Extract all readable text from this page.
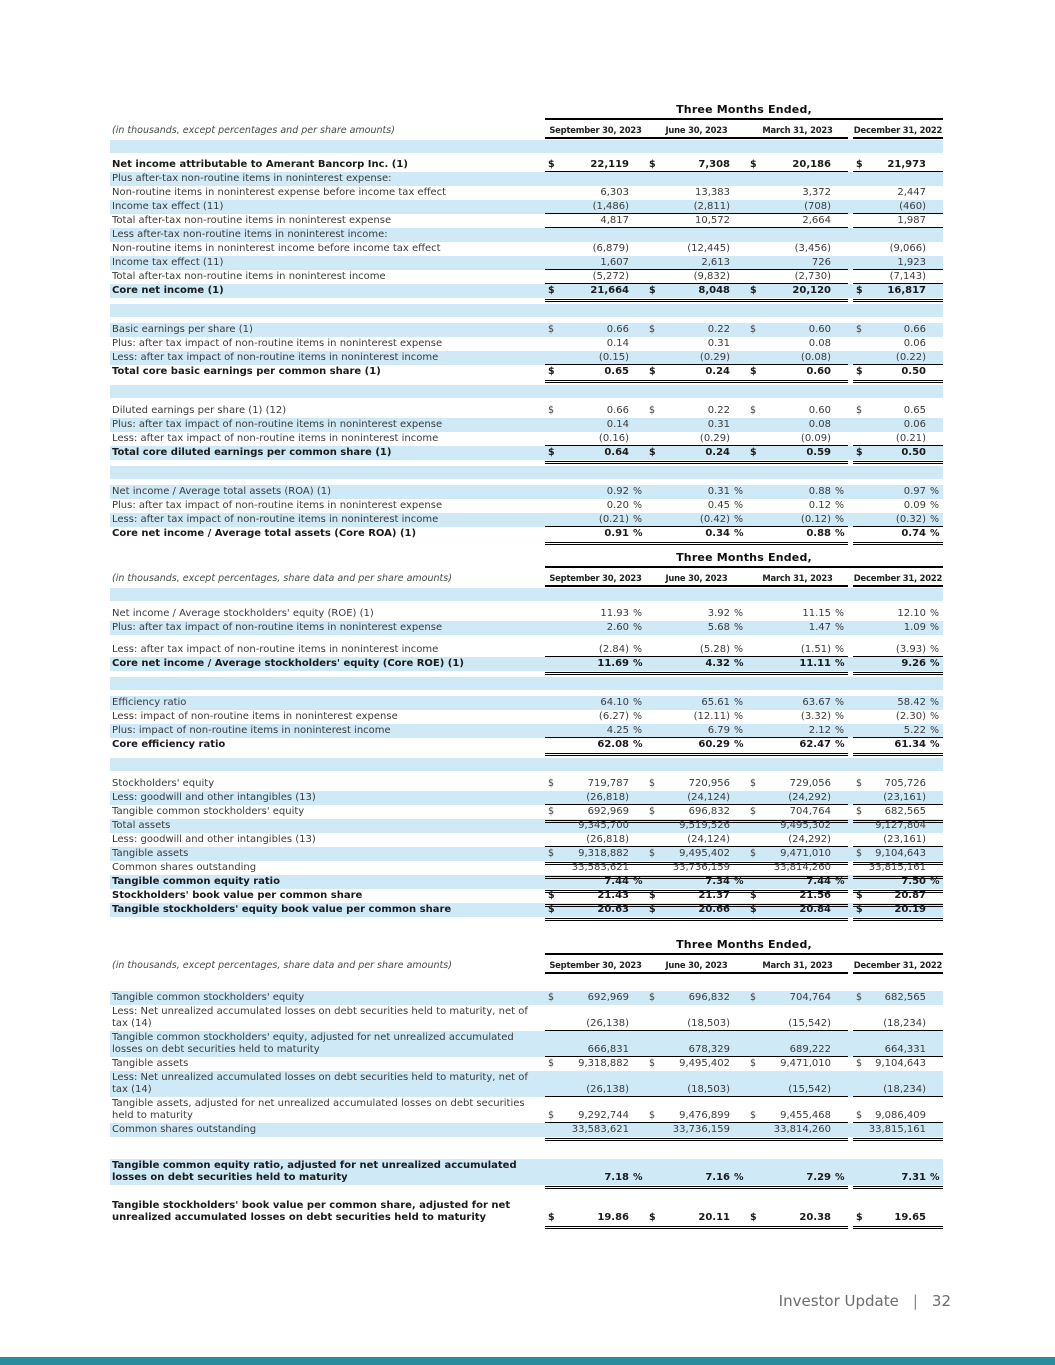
(in thousands, except percentages and per share amounts)
Three Months Ended,
September 30, 2023	June 30, 2023	March 31, 2023	December 31, 2022
Net income attributable to Amerant Bancorp Inc. (1)	$	22,119 $	7,308 $	20,186	$	21,973
Plus after-tax non-routine items in noninterest expense:
Non-routine items in noninterest expense before income tax effect	6,303	13,383	3,372	2,447
Income tax effect (11)	(1,486)	(2,811)	(708)	(460)
Total after-tax non-routine items in noninterest expense	4,817	10,572	2,664	1,987
Less after-tax non-routine items in noninterest income:
Non-routine items in noninterest income before income tax effect	(6,879)	(12,445)	(3,456)	(9,066)
Income tax effect (11)	1,607	2,613	726	1,923
Total after-tax non-routine items in noninterest income	(5,272)	(9,832)	(2,730)	(7,143)
Core net income (1)	$	21,664 $	8,048 $	20,120	$	16,817
Basic earnings per share (1)	$	0.66 $	0.22 $	0.60	$	0.66
Plus: after tax impact of non-routine items in noninterest expense	0.14	0.31	0.08	0.06
Less: after tax impact of non-routine items in noninterest income	(0.15)	(0.29)	(0.08)	(0.22)
Total core basic earnings per common share (1)	$	0.65 $	0.24 $	0.60	$	0.50
Diluted earnings per share (1) (12)	$	0.66 $	0.22 $	0.60	$	0.65
Plus: after tax impact of non-routine items in noninterest expense	0.14	0.31	0.08	0.06
Less: after tax impact of non-routine items in noninterest income	(0.16)	(0.29)	(0.09)	(0.21)
Total core diluted earnings per common share (1)	$	0.64 $	0.24 $	0.59	$	0.50
Net income / Average total assets (ROA) (1)	0.92 %	0.31 %	0.88 %	0.97 %
Plus: after tax impact of non-routine items in noninterest expense	0.20 %	0.45 %	0.12 %	0.09 %
Less: after tax impact of non-routine items in noninterest income	(0.21) %	(0.42) %	(0.12) %	(0.32) %
Core net income / Average total assets (Core ROA) (1)	0.91 %	0.34 %	0.88 %	0.74 %
(in thousands, except percentages, share data and per share amounts)
Three Months Ended,
September 30, 2023	June 30, 2023	March 31, 2023	December 31, 2022
Net income / Average stockholders' equity (ROE) (1)	11.93 %	3.92 %	11.15 %	12.10 %
Plus: after tax impact of non-routine items in noninterest expense	2.60 %	5.68 %	1.47 %	1.09 %
Less: after tax impact of non-routine items in noninterest income	(2.84) %	(5.28) %	(1.51) %	(3.93) %
Core net income / Average stockholders' equity (Core ROE) (1)	11.69 %	4.32 %	11.11 %	9.26 %
Efficiency ratio	64.10 %	65.61 %	63.67 %	58.42 %
Less: impact of non-routine items in noninterest expense	(6.27) %	(12.11) %	(3.32) %	(2.30) %
Plus: impact of non-routine items in noninterest income	4.25 %	6.79 %	2.12 %	5.22 %
Core efficiency ratio	62.08 %	60.29 %	62.47 %	61.34 %
Stockholders' equity	$	719,787 $	720,956 $	729,056	$	705,726
Less: goodwill and other intangibles (13)	(26,818)	(24,124)	(24,292)	(23,161)
Tangible common stockholders' equity	$	692,969 $	696,832 $	704,764	$	682,565
Total assets	9,345,700	9,519,526	9,495,302	9,127,804
Less: goodwill and other intangibles (13)	(26,818)	(24,124)	(24,292)	(23,161)
Tangible assets	$	9,318,882 $	9,495,402 $	9,471,010	$	9,104,643
Common shares outstanding	33,583,621	33,736,159	33,814,260	33,815,161
Tangible common equity ratio	7.44 %	7.34 %	7.44 %	7.50 %
Stockholders' book value per common share	$	21.43 $	21.37 $	21.56	$	20.87
Tangible stockholders' equity book value per common share	$	20.63 $	20.66 $	20.84	$	20.19
(in thousands, except percentages, share data and per share amounts)
Three Months Ended,
September 30, 2023	June 30, 2023	March 31, 2023	December 31, 2022
Tangible common stockholders' equity	$	692,969 $	696,832 $	704,764	$	682,565
Less: Net unrealized accumulated losses on debt securities held to maturity, net of tax (14)	(26,138)	(18,503)	(15,542)	(18,234)
Tangible common stockholders' equity, adjusted for net unrealized accumulated losses on debt securities held to maturity	666,831	678,329	689,222	664,331
Tangible assets	$	9,318,882 $	9,495,402 $	9,471,010	$	9,104,643
Less: Net unrealized accumulated losses on debt securities held to maturity, net of tax (14)	(26,138)	(18,503)	(15,542)	(18,234)
Tangible assets, adjusted for net unrealized accumulated losses on debt securities held to maturity	$	9,292,744 $	9,476,899 $	9,455,468	$	9,086,409
Common shares outstanding	33,583,621	33,736,159	33,814,260	33,815,161
Tangible common equity ratio, adjusted for net unrealized accumulated losses on debt securities held to maturity	7.18 %	7.16 %	7.29 %	7.31 %
Tangible stockholders' book value per common share, adjusted for net unrealized accumulated losses on debt securities held to maturity	$	19.86 $	20.11 $	20.38	$	19.65
Investor Update | 32
